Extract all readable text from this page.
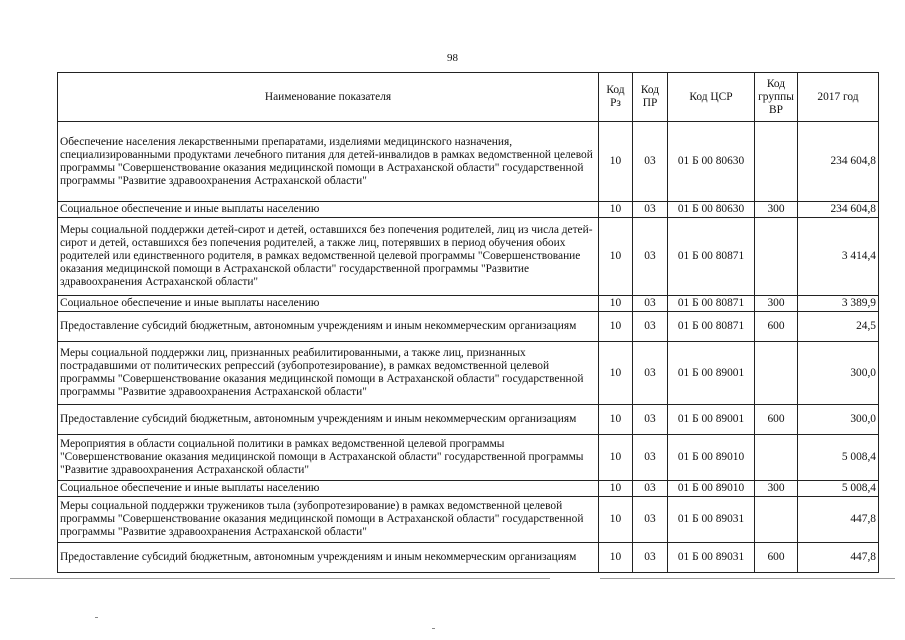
98
Наименование показателя	Код Рз	Код ПР	Код ЦСР	Код группы ВР	2017 год
Обеспечение населения лекарственными препаратами, изделиями медицинского назначения, специализированными продуктами лечебного питания для детей-инвалидов в рамках ведомственной целевой программы "Совершенствование оказания медицинской помощи в Астраханской области" государственной программы "Развитие здравоохранения Астраханской области"	10	03	01 Б 00 80630		234 604,8
Социальное обеспечение и иные выплаты населению	10	03	01 Б 00 80630	300	234 604,8
Меры социальной поддержки детей-сирот и детей, оставшихся без попечения родителей, лиц из числа детей-сирот и детей, оставшихся без попечения родителей, а также лиц, потерявших в период обучения обоих родителей или единственного родителя, в рамках ведомственной целевой программы "Совершенствование оказания медицинской помощи в Астраханской области" государственной программы "Развитие здравоохранения Астраханской области"	10	03	01 Б 00 80871		3 414,4
Социальное обеспечение и иные выплаты населению	10	03	01 Б 00 80871	300	3 389,9
Предоставление субсидий бюджетным, автономным учреждениям и иным некоммерческим организациям	10	03	01 Б 00 80871	600	24,5
Меры социальной поддержки лиц, признанных реабилитированными, а также лиц, признанных пострадавшими от политических репрессий (зубопротезирование), в рамках ведомственной целевой программы "Совершенствование оказания медицинской помощи в Астраханской области" государственной программы "Развитие здравоохранения Астраханской области"	10	03	01 Б 00 89001		300,0
Предоставление субсидий бюджетным, автономным учреждениям и иным некоммерческим организациям	10	03	01 Б 00 89001	600	300,0
Мероприятия в области социальной политики в рамках ведомственной целевой программы "Совершенствование оказания медицинской помощи в Астраханской области" государственной программы "Развитие здравоохранения Астраханской области"	10	03	01 Б 00 89010		5 008,4
Социальное обеспечение и иные выплаты населению	10	03	01 Б 00 89010	300	5 008,4
Меры социальной поддержки тружеников тыла (зубопротезирование) в рамках ведомственной целевой программы "Совершенствование оказания медицинской помощи в Астраханской области" государственной программы "Развитие здравоохранения Астраханской области"	10	03	01 Б 00 89031		447,8
Предоставление субсидий бюджетным, автономным учреждениям и иным некоммерческим организациям	10	03	01 Б 00 89031	600	447,8
